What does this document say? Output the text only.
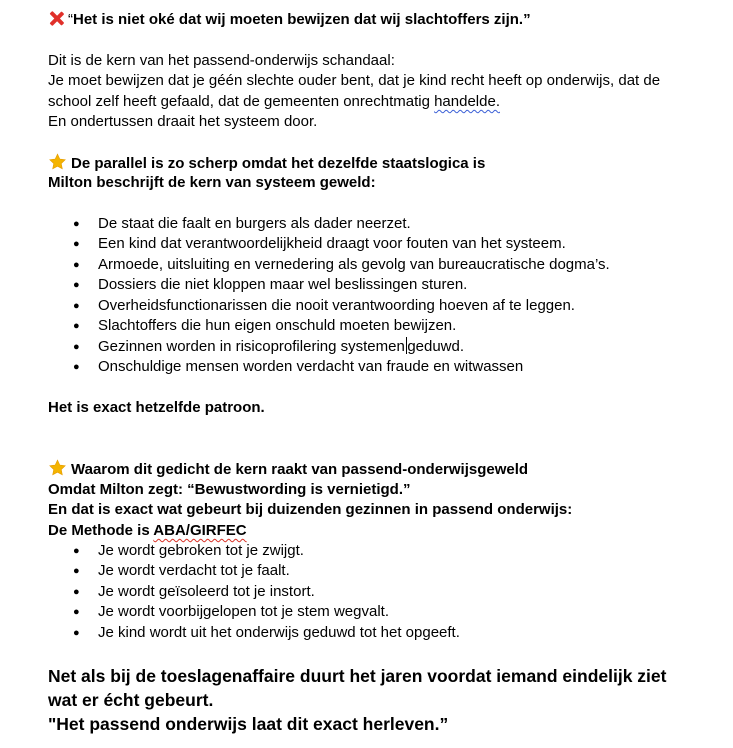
“Het is niet oké dat wij moeten bewijzen dat wij slachtoffers zijn.”
Dit is de kern van het passend-onderwijs schandaal:
Je moet bewijzen dat je géén slechte ouder bent, dat je kind recht heeft op onderwijs, dat de
school zelf heeft gefaald, dat de gemeenten onrechtmatig handelde.
En ondertussen draait het systeem door.
De parallel is zo scherp omdat het dezelfde staatslogica is
Milton beschrijft de kern van systeem geweld:
● De staat die faalt en burgers als dader neerzet.
● Een kind dat verantwoordelijkheid draagt voor fouten van het systeem.
● Armoede, uitsluiting en vernedering als gevolg van bureaucratische dogma’s.
● Dossiers die niet kloppen maar wel beslissingen sturen.
● Overheidsfunctionarissen die nooit verantwoording hoeven af te leggen.
● Slachtoffers die hun eigen onschuld moeten bewijzen.
● Gezinnen worden in risicoprofilering systemen geduwd.
● Onschuldige mensen worden verdacht van fraude en witwassen
Het is exact hetzelfde patroon.
Waarom dit gedicht de kern raakt van passend-onderwijsgeweld
Omdat Milton zegt: “Bewustwording is vernietigd.”
En dat is exact wat gebeurt bij duizenden gezinnen in passend onderwijs:
De Methode is ABA/GIRFEC
● Je wordt gebroken tot je zwijgt.
● Je wordt verdacht tot je faalt.
● Je wordt geïsoleerd tot je instort.
● Je wordt voorbijgelopen tot je stem wegvalt.
● Je kind wordt uit het onderwijs geduwd tot het opgeeft.
Net als bij de toeslagenaffaire duurt het jaren voordat iemand eindelijk ziet
wat er écht gebeurt.
"Het passend onderwijs laat dit exact herleven.”
